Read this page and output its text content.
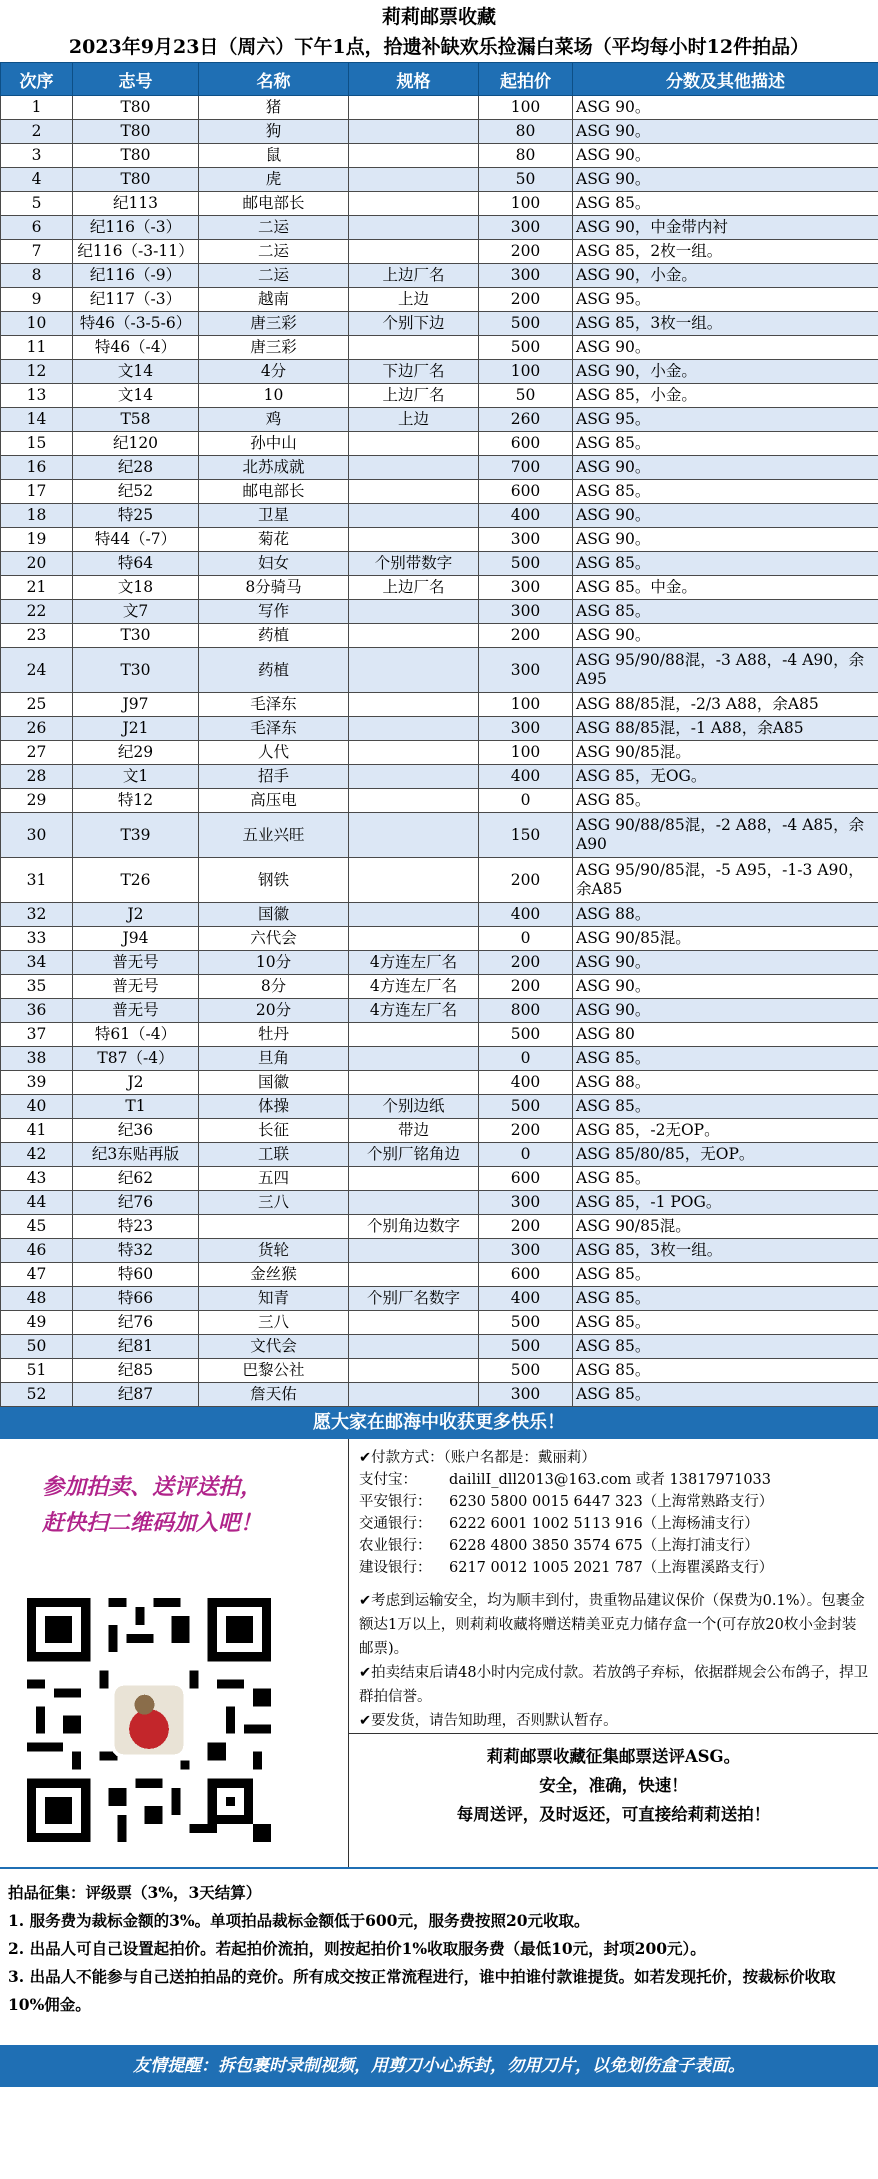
莉莉邮票收藏
2023年9月23日（周六）下午1点，拾遗补缺欢乐捡漏白菜场（平均每小时12件拍品）
次序	志号	名称	规格	起拍价	分数及其他描述
1	T80	猪		100	ASG 90。
2	T80	狗		80	ASG 90。
3	T80	鼠		80	ASG 90。
4	T80	虎		50	ASG 90。
5	纪113	邮电部长		100	ASG 85。
6	纪116（-3）	二运		300	ASG 90，中金带内衬
7	纪116（-3-11）	二运		200	ASG 85，2枚一组。
8	纪116（-9）	二运	上边厂名	300	ASG 90，小金。
9	纪117（-3）	越南	上边	200	ASG 95。
10	特46（-3-5-6）	唐三彩	个别下边	500	ASG 85，3枚一组。
11	特46（-4）	唐三彩		500	ASG 90。
12	文14	4分	下边厂名	100	ASG 90，小金。
13	文14	10	上边厂名	50	ASG 85，小金。
14	T58	鸡	上边	260	ASG 95。
15	纪120	孙中山		600	ASG 85。
16	纪28	北苏成就		700	ASG 90。
17	纪52	邮电部长		600	ASG 85。
18	特25	卫星		400	ASG 90。
19	特44（-7）	菊花		300	ASG 90。
20	特64	妇女	个别带数字	500	ASG 85。
21	文18	8分骑马	上边厂名	300	ASG 85。中金。
22	文7	写作		300	ASG 85。
23	T30	药植		200	ASG 90。
24	T30	药植		300	ASG 95/90/88混，-3 A88，-4 A90，余A95
25	J97	毛泽东		100	ASG 88/85混，-2/3 A88，余A85
26	J21	毛泽东		300	ASG 88/85混，-1 A88，余A85
27	纪29	人代		100	ASG 90/85混。
28	文1	招手		400	ASG 85，无OG。
29	特12	高压电		0	ASG 85。
30	T39	五业兴旺		150	ASG 90/88/85混，-2 A88，-4 A85，余A90
31	T26	钢铁		200	ASG 95/90/85混，-5 A95，-1-3 A90，余A85
32	J2	国徽		400	ASG 88。
33	J94	六代会		0	ASG 90/85混。
34	普无号	10分	4方连左厂名	200	ASG 90。
35	普无号	8分	4方连左厂名	200	ASG 90。
36	普无号	20分	4方连左厂名	800	ASG 90。
37	特61（-4）	牡丹		500	ASG 80
38	T87（-4）	旦角		0	ASG 85。
39	J2	国徽		400	ASG 88。
40	T1	体操	个别边纸	500	ASG 85。
41	纪36	长征	带边	200	ASG 85，-2无OP。
42	纪3东贴再版	工联	个别厂铭角边	0	ASG 85/80/85，无OP。
43	纪62	五四		600	ASG 85。
44	纪76	三八		300	ASG 85，-1 POG。
45	特23		个别角边数字	200	ASG 90/85混。
46	特32	货轮		300	ASG 85，3枚一组。
47	特60	金丝猴		600	ASG 85。
48	特66	知青	个别厂名数字	400	ASG 85。
49	纪76	三八		500	ASG 85。
50	纪81	文代会		500	ASG 85。
51	纪85	巴黎公社		500	ASG 85。
52	纪87	詹天佑		300	ASG 85。
愿大家在邮海中收获更多快乐！
参加拍卖、送评送拍，
赶快扫二维码加入吧！
✔付款方式：（账户名都是：戴丽莉）
支付宝：	daililI_dll2013@163.com 或者 13817971033
平安银行：	6230 5800 0015 6447 323（上海常熟路支行）
交通银行：	6222 6001 1002 5113 916（上海杨浦支行）
农业银行：	6228 4800 3850 3574 675（上海打浦支行）
建设银行：	6217 0012 1005 2021 787（上海瞿溪路支行）
✔考虑到运输安全，均为顺丰到付，贵重物品建议保价（保费为0.1%）。包裹金额达1万以上，则莉莉收藏将赠送精美亚克力储存盒一个(可存放20枚小金封装邮票)。
✔拍卖结束后请48小时内完成付款。若放鸽子弃标，依据群规会公布鸽子，捍卫群拍信誉。
✔要发货，请告知助理，否则默认暂存。
莉莉邮票收藏征集邮票送评ASG。
安全，准确，快速！
每周送评，及时返还，可直接给莉莉送拍！
拍品征集：评级票（3%，3天结算）
1. 服务费为裁标金额的3%。单项拍品裁标金额低于600元，服务费按照20元收取。
2. 出品人可自己设置起拍价。若起拍价流拍，则按起拍价1%收取服务费（最低10元，封项200元）。
3. 出品人不能参与自己送拍拍品的竞价。所有成交按正常流程进行，谁中拍谁付款谁提货。如若发现托价，按裁标价收取10%佣金。
友情提醒：拆包裹时录制视频，用剪刀小心拆封，勿用刀片，以免划伤盒子表面。
